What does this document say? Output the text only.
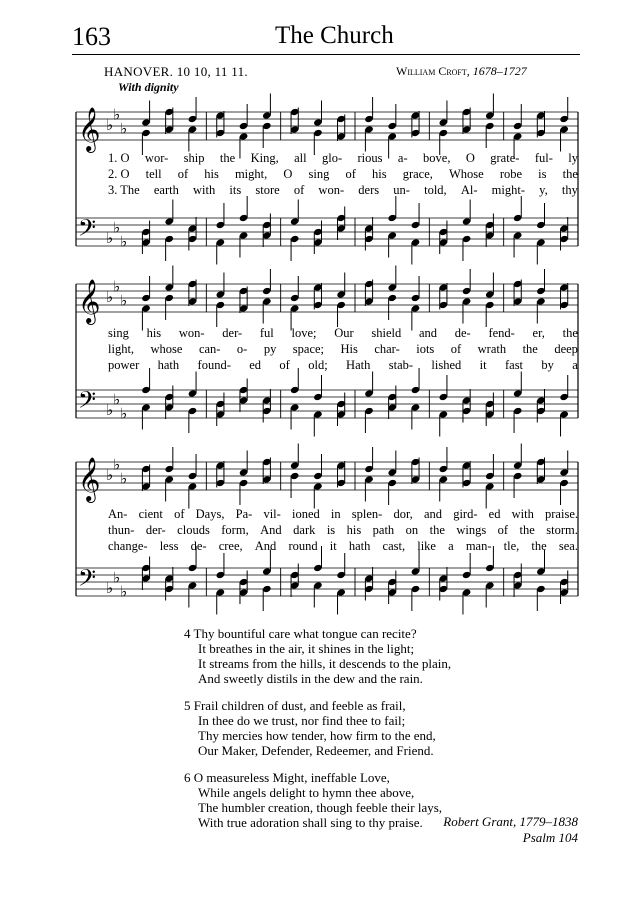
163	The Church
HANOVER. 10 10, 11 11.	William Croft, 1678–1727
With dignity
𝄞 ♭
♭
♭
𝄢 ♭
♭
♭
1. O wor- ship the King, all glo- rious a- bove, O grate- ful- ly
2. O tell of his might, O sing of his grace, Whose robe is the
3. The earth with its store of won- ders un- told, Al- might- y, thy
𝄞 ♭
♭
♭
𝄢 ♭
♭
♭
sing his won- der- ful love; Our shield and de- fend- er, the
light, whose can- o- py space; His char- iots of wrath the deep
power hath found- ed of old; Hath stab- lished it fast by a
𝄞 ♭
♭
♭
𝄢 ♭
♭
♭
An- cient of Days, Pa- vil- ioned in splen- dor, and gird- ed with praise.
thun- der- clouds form, And dark is his path on the wings of the storm.
change- less de- cree, And round it hath cast, like a man- tle, the sea.
4 Thy bountiful care what tongue can recite?
It breathes in the air, it shines in the light;
It streams from the hills, it descends to the plain,
And sweetly distils in the dew and the rain.
5 Frail children of dust, and feeble as frail,
In thee do we trust, nor find thee to fail;
Thy mercies how tender, how firm to the end,
Our Maker, Defender, Redeemer, and Friend.
6 O measureless Might, ineffable Love,
While angels delight to hymn thee above,
The humbler creation, though feeble their lays,
With true adoration shall sing to thy praise.	Robert Grant, 1779–1838
Psalm 104
